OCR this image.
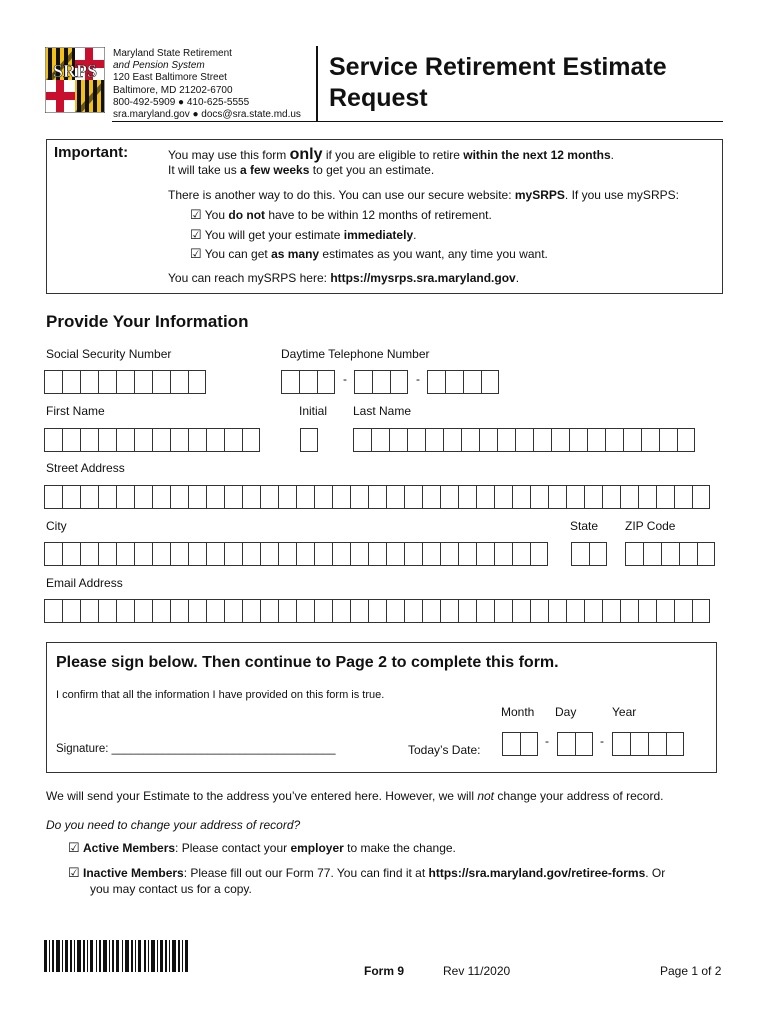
SRPS
Maryland State Retirement
and Pension System
120 East Baltimore Street
Baltimore, MD 21202-6700
800-492-5909 ● 410-625-5555
sra.maryland.gov ● docs@sra.state.md.us
Service Retirement Estimate
Request
Important:	You may use this form only if you are eligible to retire within the next 12 months.
It will take us a few weeks to get you an estimate.
There is another way to do this. You can use our secure website: mySRPS. If you use mySRPS:
☑ You do not have to be within 12 months of retirement.
☑ You will get your estimate immediately.
☑ You can get as many estimates as you want, any time you want.
You can reach mySRPS here: https://mysrps.sra.maryland.gov.
Provide Your Information
Social Security Number	Daytime Telephone Number
-	-
First Name	Initial Last Name
Street Address
City	State ZIP Code
Email Address
Please sign below. Then continue to Page 2 to complete this form.
I confirm that all the information I have provided on this form is true.
Month Day	Year
Signature: ___________________________________	Today’s Date:
-	-
We will send your Estimate to the address you’ve entered here. However, we will not change your address of record.
Do you need to change your address of record?
☑ Active Members: Please contact your employer to make the change.
☑ Inactive Members: Please fill out our Form 77. You can find it at https://sra.maryland.gov/retiree-forms. Or
you may contact us for a copy.
Form 9	Rev 11/2020	Page 1 of 2
